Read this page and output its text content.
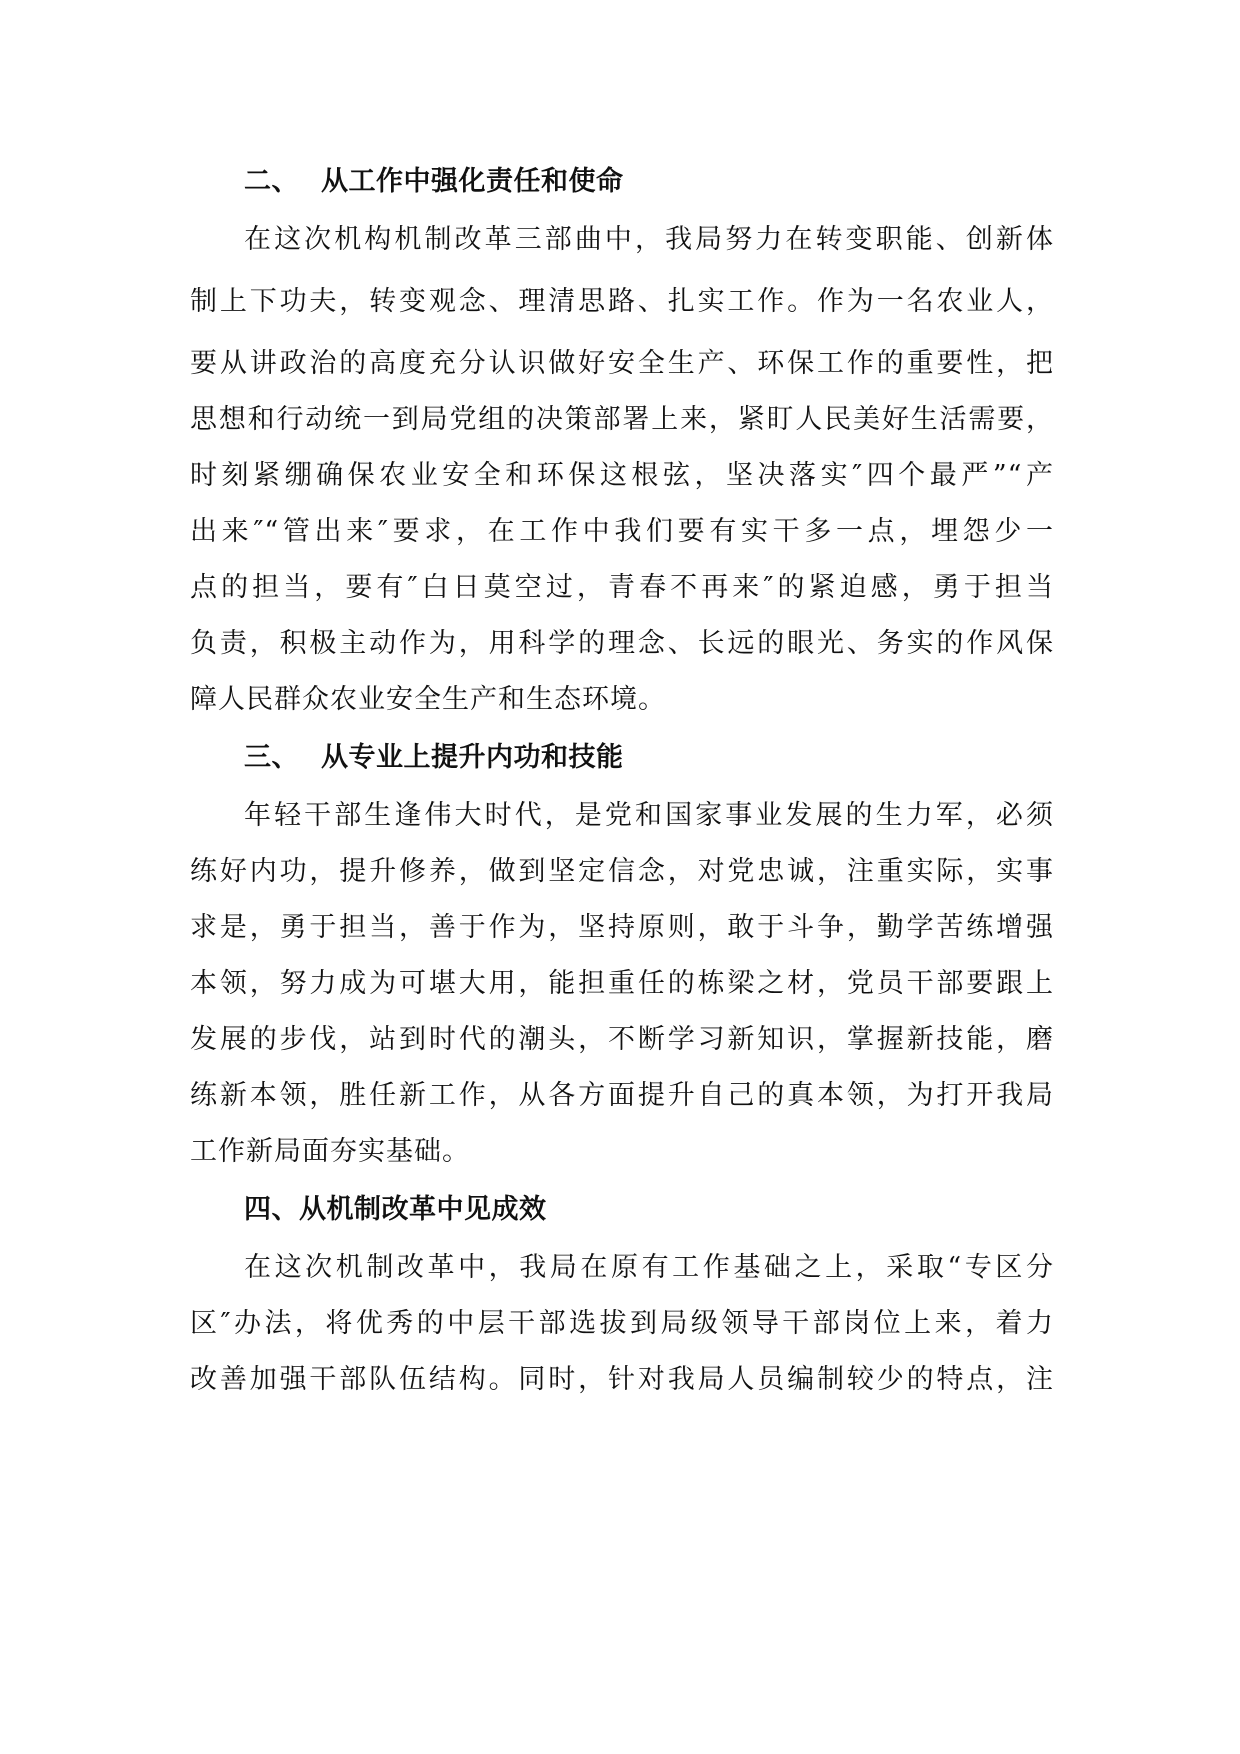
二、 从工作中强化责任和使命
在这次机构机制改革三部曲中，我局努力在转变职能、创新体
制上下功夫，转变观念、理清思路、扎实工作。作为一名农业人，
要从讲政治的高度充分认识做好安全生产、环保工作的重要性，把
思想和行动统一到局党组的决策部署上来，紧盯人民美好生活需要，
时刻紧绷确保农业安全和环保这根弦，坚决落实″四个最严”“产
出来″“管出来″要求，在工作中我们要有实干多一点，埋怨少一
点的担当，要有″白日莫空过，青春不再来″的紧迫感，勇于担当
负责，积极主动作为，用科学的理念、长远的眼光、务实的作风保
障人民群众农业安全生产和生态环境。
三、 从专业上提升内功和技能
年轻干部生逢伟大时代，是党和国家事业发展的生力军，必须
练好内功，提升修养，做到坚定信念，对党忠诚，注重实际，实事
求是，勇于担当，善于作为，坚持原则，敢于斗争，勤学苦练增强
本领，努力成为可堪大用，能担重任的栋梁之材，党员干部要跟上
发展的步伐，站到时代的潮头，不断学习新知识，掌握新技能，磨
练新本领，胜任新工作，从各方面提升自己的真本领，为打开我局
工作新局面夯实基础。
四、从机制改革中见成效
在这次机制改革中，我局在原有工作基础之上，采取“专区分
区″办法，将优秀的中层干部选拔到局级领导干部岗位上来，着力
改善加强干部队伍结构。同时，针对我局人员编制较少的特点，注
